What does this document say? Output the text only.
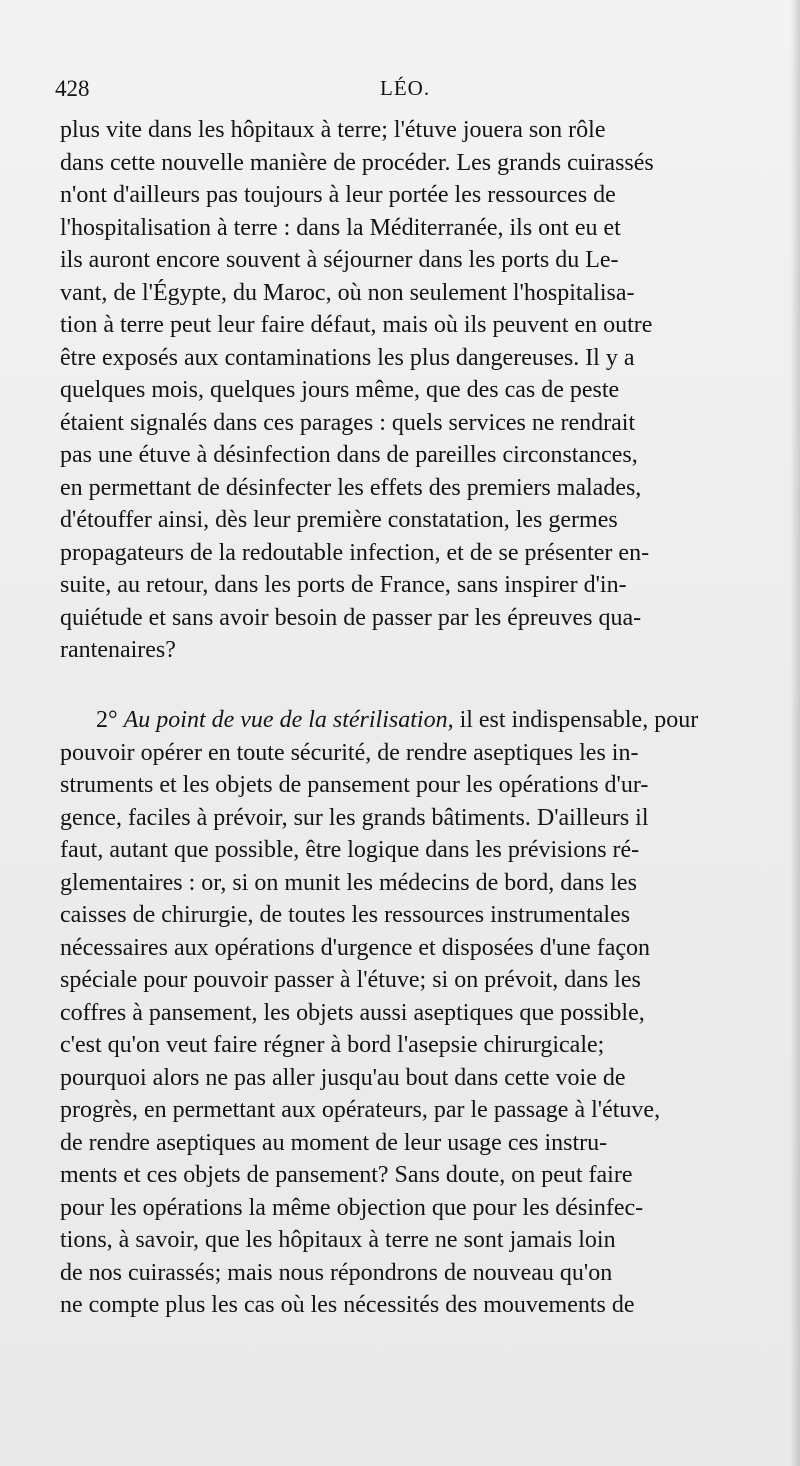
428	LÉO.
plus vite dans les hôpitaux à terre; l'étuve jouera son rôle
dans cette nouvelle manière de procéder. Les grands cuirassés
n'ont d'ailleurs pas toujours à leur portée les ressources de
l'hospitalisation à terre : dans la Méditerranée, ils ont eu et
ils auront encore souvent à séjourner dans les ports du Le-
vant, de l'Égypte, du Maroc, où non seulement l'hospitalisa-
tion à terre peut leur faire défaut, mais où ils peuvent en outre
être exposés aux contaminations les plus dangereuses. Il y a
quelques mois, quelques jours même, que des cas de peste
étaient signalés dans ces parages : quels services ne rendrait
pas une étuve à désinfection dans de pareilles circonstances,
en permettant de désinfecter les effets des premiers malades,
d'étouffer ainsi, dès leur première constatation, les germes
propagateurs de la redoutable infection, et de se présenter en-
suite, au retour, dans les ports de France, sans inspirer d'in-
quiétude et sans avoir besoin de passer par les épreuves qua-
rantenaires?
2° Au point de vue de la stérilisation, il est indispensable, pour
pouvoir opérer en toute sécurité, de rendre aseptiques les in-
struments et les objets de pansement pour les opérations d'ur-
gence, faciles à prévoir, sur les grands bâtiments. D'ailleurs il
faut, autant que possible, être logique dans les prévisions ré-
glementaires : or, si on munit les médecins de bord, dans les
caisses de chirurgie, de toutes les ressources instrumentales
nécessaires aux opérations d'urgence et disposées d'une façon
spéciale pour pouvoir passer à l'étuve; si on prévoit, dans les
coffres à pansement, les objets aussi aseptiques que possible,
c'est qu'on veut faire régner à bord l'asepsie chirurgicale;
pourquoi alors ne pas aller jusqu'au bout dans cette voie de
progrès, en permettant aux opérateurs, par le passage à l'étuve,
de rendre aseptiques au moment de leur usage ces instru-
ments et ces objets de pansement? Sans doute, on peut faire
pour les opérations la même objection que pour les désinfec-
tions, à savoir, que les hôpitaux à terre ne sont jamais loin
de nos cuirassés; mais nous répondrons de nouveau qu'on
ne compte plus les cas où les nécessités des mouvements de
